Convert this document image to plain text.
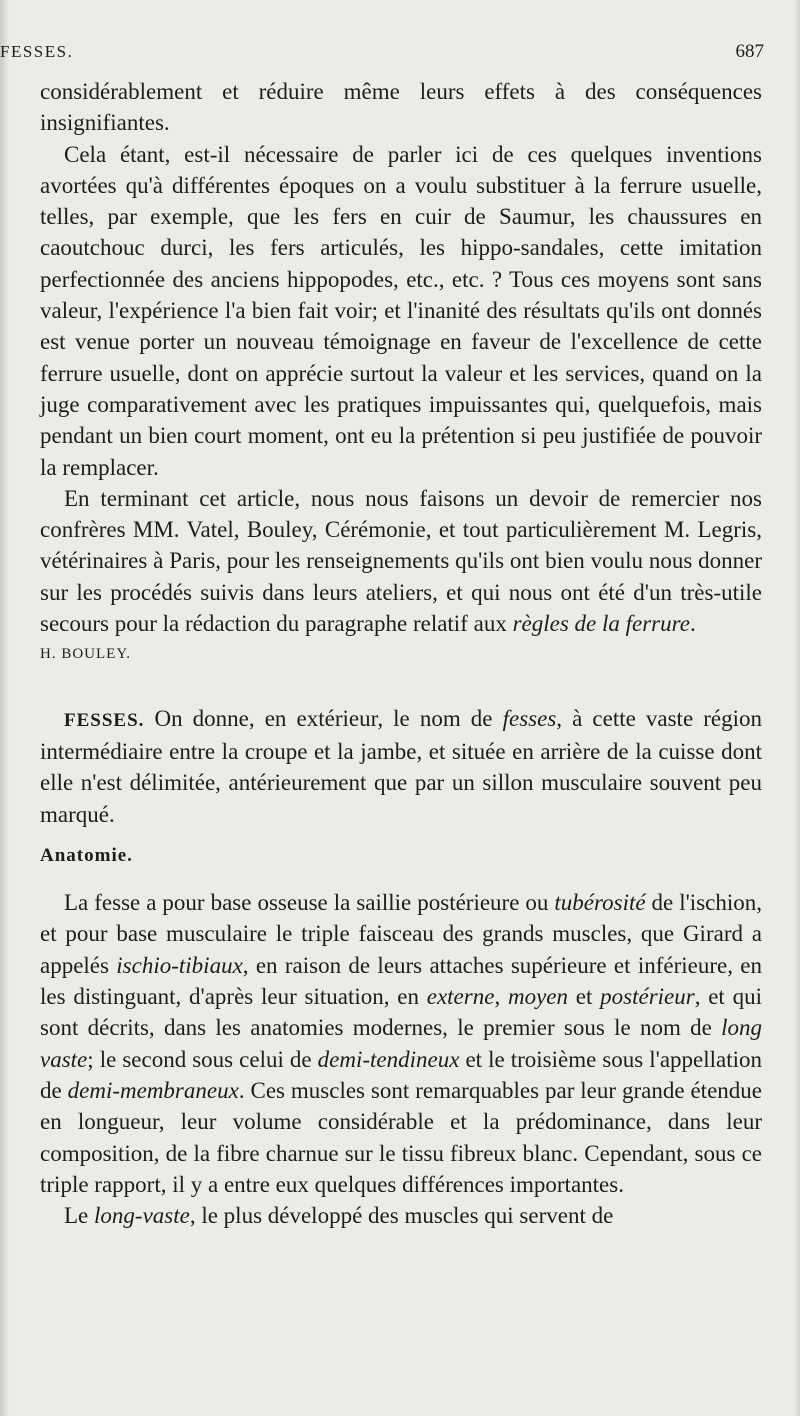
FESSES.	687

considérablement et réduire même leurs effets à des conséquences insignifiantes.

Cela étant, est-il nécessaire de parler ici de ces quelques inventions avortées qu'à différentes époques on a voulu substituer à la ferrure usuelle, telles, par exemple, que les fers en cuir de Saumur, les chaussures en caoutchouc durci, les fers articulés, les hippo-sandales, cette imitation perfectionnée des anciens hippopodes, etc., etc. ? Tous ces moyens sont sans valeur, l'expérience l'a bien fait voir; et l'inanité des résultats qu'ils ont donnés est venue porter un nouveau témoignage en faveur de l'excellence de cette ferrure usuelle, dont on apprécie surtout la valeur et les services, quand on la juge comparativement avec les pratiques impuissantes qui, quelquefois, mais pendant un bien court moment, ont eu la prétention si peu justifiée de pouvoir la remplacer.

En terminant cet article, nous nous faisons un devoir de remercier nos confrères MM. Vatel, Bouley, Cérémonie, et tout particulièrement M. Legris, vétérinaires à Paris, pour les renseignements qu'ils ont bien voulu nous donner sur les procédés suivis dans leurs ateliers, et qui nous ont été d'un très-utile secours pour la rédaction du paragraphe relatif aux règles de la ferrure.

H. BOULEY.

FESSES. On donne, en extérieur, le nom de fesses, à cette vaste région intermédiaire entre la croupe et la jambe, et située en arrière de la cuisse dont elle n'est délimitée, antérieurement que par un sillon musculaire souvent peu marqué.

Anatomie.

La fesse a pour base osseuse la saillie postérieure ou tubérosité de l'ischion, et pour base musculaire le triple faisceau des grands muscles, que Girard a appelés ischio-tibiaux, en raison de leurs attaches supérieure et inférieure, en les distinguant, d'après leur situation, en externe, moyen et postérieur, et qui sont décrits, dans les anatomies modernes, le premier sous le nom de long vaste; le second sous celui de demi-tendineux et le troisième sous l'appellation de demi-membraneux. Ces muscles sont remarquables par leur grande étendue en longueur, leur volume considérable et la prédominance, dans leur composition, de la fibre charnue sur le tissu fibreux blanc. Cependant, sous ce triple rapport, il y a entre eux quelques différences importantes.

Le long-vaste, le plus développé des muscles qui servent de
